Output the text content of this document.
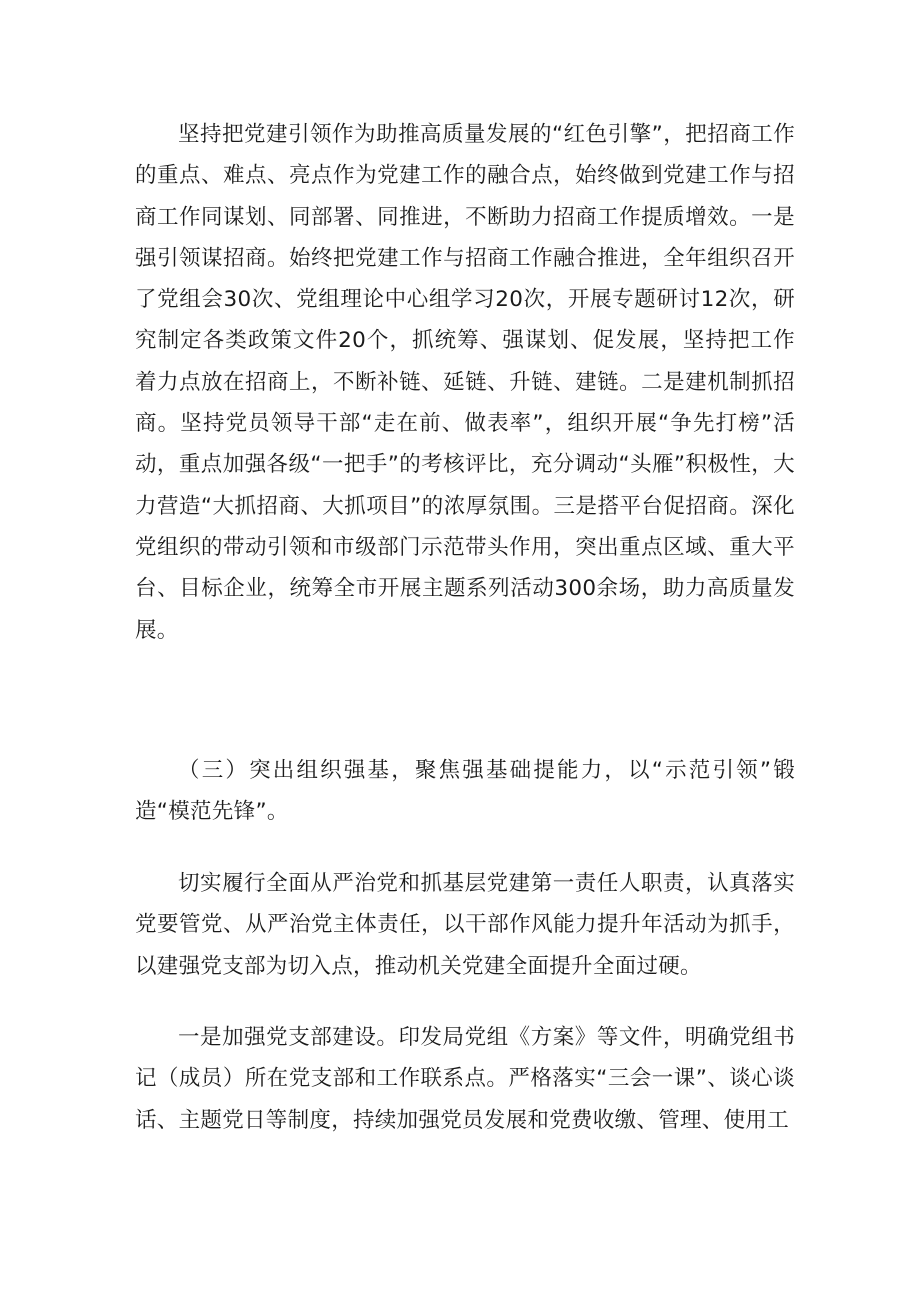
坚持把党建引领作为助推高质量发展的“红色引擎”，把招商工作的重点、难点、亮点作为党建工作的融合点，始终做到党建工作与招商工作同谋划、同部署、同推进，不断助力招商工作提质增效。一是强引领谋招商。始终把党建工作与招商工作融合推进，全年组织召开了党组会30次、党组理论中心组学习20次，开展专题研讨12次，研究制定各类政策文件20个，抓统筹、强谋划、促发展，坚持把工作着力点放在招商上，不断补链、延链、升链、建链。二是建机制抓招商。坚持党员领导干部“走在前、做表率”，组织开展“争先打榜”活动，重点加强各级“一把手”的考核评比，充分调动“头雁”积极性，大力营造“大抓招商、大抓项目”的浓厚氛围。三是搭平台促招商。深化党组织的带动引领和市级部门示范带头作用，突出重点区域、重大平台、目标企业，统筹全市开展主题系列活动300余场，助力高质量发展。

（三）突出组织强基，聚焦强基础提能力，以“示范引领”锻造“模范先锋”。

切实履行全面从严治党和抓基层党建第一责任人职责，认真落实党要管党、从严治党主体责任，以干部作风能力提升年活动为抓手，以建强党支部为切入点，推动机关党建全面提升全面过硬。

一是加强党支部建设。印发局党组《方案》等文件，明确党组书记（成员）所在党支部和工作联系点。严格落实“三会一课”、谈心谈话、主题党日等制度，持续加强党员发展和党费收缴、管理、使用工
